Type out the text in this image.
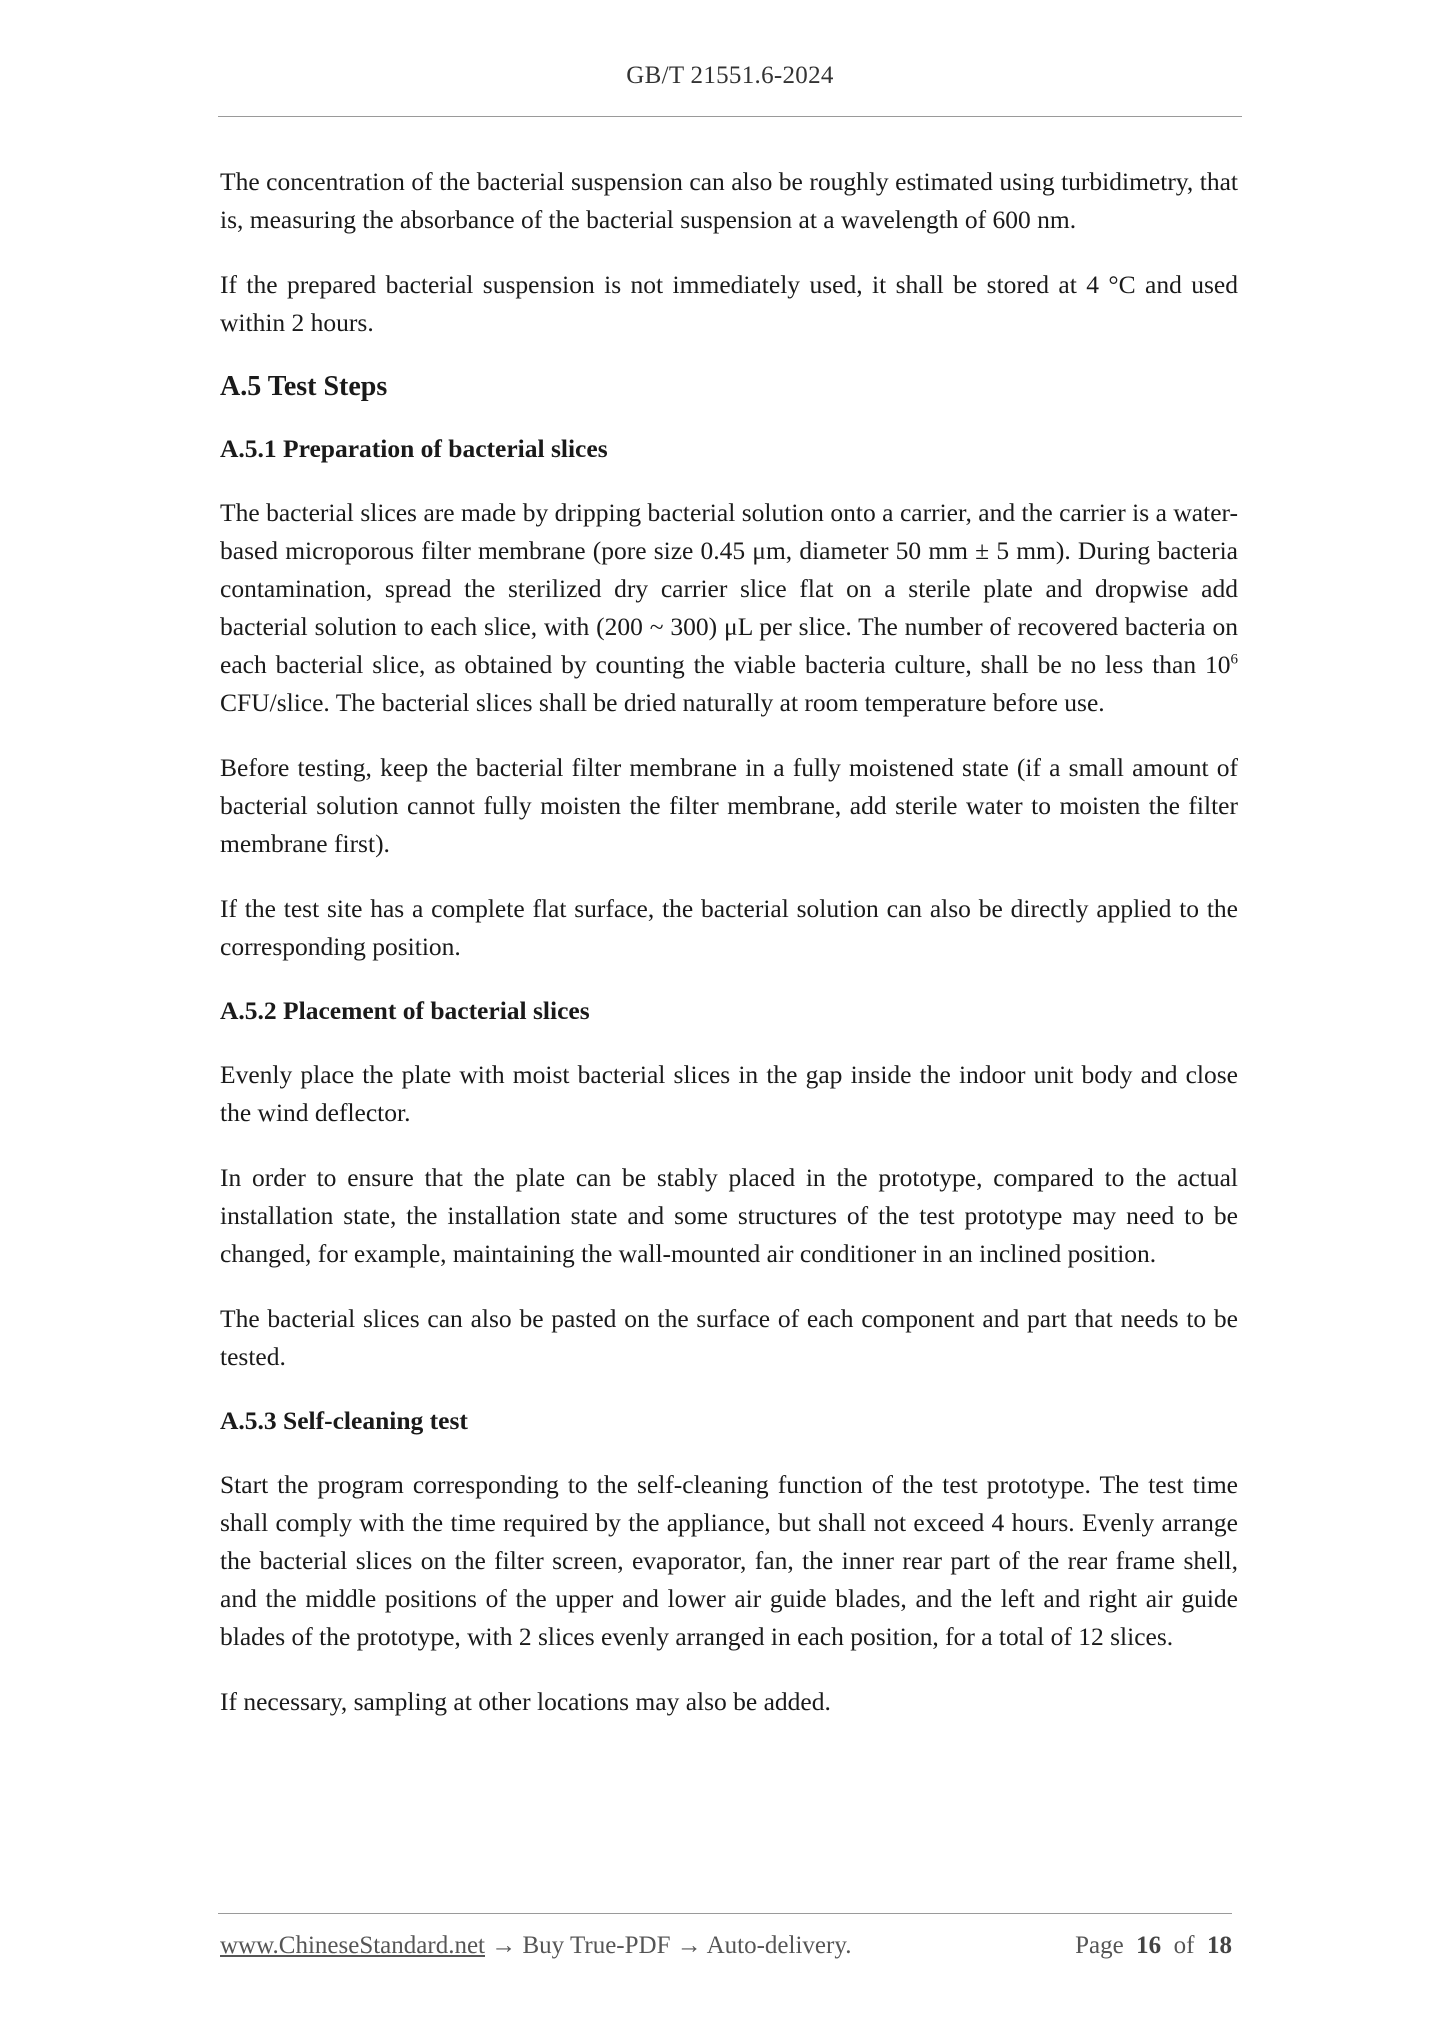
GB/T 21551.6-2024

The concentration of the bacterial suspension can also be roughly estimated using turbidimetry, that is, measuring the absorbance of the bacterial suspension at a wavelength of 600 nm.

If the prepared bacterial suspension is not immediately used, it shall be stored at 4 °C and used within 2 hours.

A.5 Test Steps
A.5.1 Preparation of bacterial slices

The bacterial slices are made by dripping bacterial solution onto a carrier, and the carrier is a water-based microporous filter membrane (pore size 0.45 μm, diameter 50 mm ± 5 mm). During bacteria contamination, spread the sterilized dry carrier slice flat on a sterile plate and dropwise add bacterial solution to each slice, with (200 ~ 300) μL per slice. The number of recovered bacteria on each bacterial slice, as obtained by counting the viable bacteria culture, shall be no less than $10^6$ CFU/slice. The bacterial slices shall be dried naturally at room temperature before use.

Before testing, keep the bacterial filter membrane in a fully moistened state (if a small amount of bacterial solution cannot fully moisten the filter membrane, add sterile water to moisten the filter membrane first).

If the test site has a complete flat surface, the bacterial solution can also be directly applied to the corresponding position.

A.5.2 Placement of bacterial slices

Evenly place the plate with moist bacterial slices in the gap inside the indoor unit body and close the wind deflector.

In order to ensure that the plate can be stably placed in the prototype, compared to the actual installation state, the installation state and some structures of the test prototype may need to be changed, for example, maintaining the wall-mounted air conditioner in an inclined position.

The bacterial slices can also be pasted on the surface of each component and part that needs to be tested.

A.5.3 Self-cleaning test

Start the program corresponding to the self-cleaning function of the test prototype. The test time shall comply with the time required by the appliance, but shall not exceed 4 hours. Evenly arrange the bacterial slices on the filter screen, evaporator, fan, the inner rear part of the rear frame shell, and the middle positions of the upper and lower air guide blades, and the left and right air guide blades of the prototype, with 2 slices evenly arranged in each position, for a total of 12 slices.

If necessary, sampling at other locations may also be added.

www.ChineseStandard.net → Buy True-PDF → Auto-delivery.	Page 16 of 18
